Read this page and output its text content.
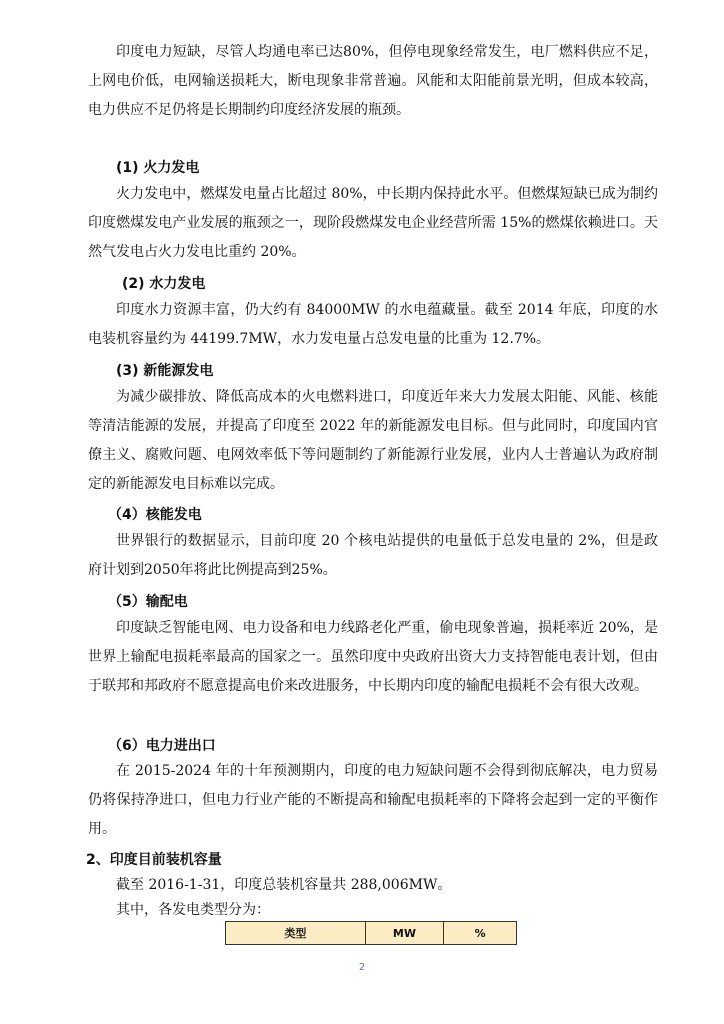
印度电力短缺，尽管人均通电率已达80%，但停电现象经常发生，电厂燃料供应不足，上网电价低，电网输送损耗大，断电现象非常普遍。风能和太阳能前景光明，但成本较高，电力供应不足仍将是长期制约印度经济发展的瓶颈。
(1) 火力发电
火力发电中，燃煤发电量占比超过 80%，中长期内保持此水平。但燃煤短缺已成为制约印度燃煤发电产业发展的瓶颈之一，现阶段燃煤发电企业经营所需 15%的燃煤依赖进口。天然气发电占火力发电比重约 20%。
(2) 水力发电
印度水力资源丰富，仍大约有 84000MW 的水电蕴藏量。截至 2014 年底，印度的水电装机容量约为 44199.7MW，水力发电量占总发电量的比重为 12.7%。
(3) 新能源发电
为减少碳排放、降低高成本的火电燃料进口，印度近年来大力发展太阳能、风能、核能等清洁能源的发展，并提高了印度至 2022 年的新能源发电目标。但与此同时，印度国内官僚主义、腐败问题、电网效率低下等问题制约了新能源行业发展，业内人士普遍认为政府制定的新能源发电目标难以完成。
（4）核能发电
世界银行的数据显示，目前印度 20 个核电站提供的电量低于总发电量的 2%，但是政府计划到2050年将此比例提高到25%。
（5）输配电
印度缺乏智能电网、电力设备和电力线路老化严重，偷电现象普遍，损耗率近 20%，是世界上输配电损耗率最高的国家之一。虽然印度中央政府出资大力支持智能电表计划，但由于联邦和邦政府不愿意提高电价来改进服务，中长期内印度的输配电损耗不会有很大改观。
（6）电力进出口
在 2015-2024 年的十年预测期内，印度的电力短缺问题不会得到彻底解决，电力贸易仍将保持净进口，但电力行业产能的不断提高和输配电损耗率的下降将会起到一定的平衡作用。
2、印度目前装机容量
截至 2016-1-31，印度总装机容量共 288,006MW。
其中，各发电类型分为：
类型	MW	%
2
